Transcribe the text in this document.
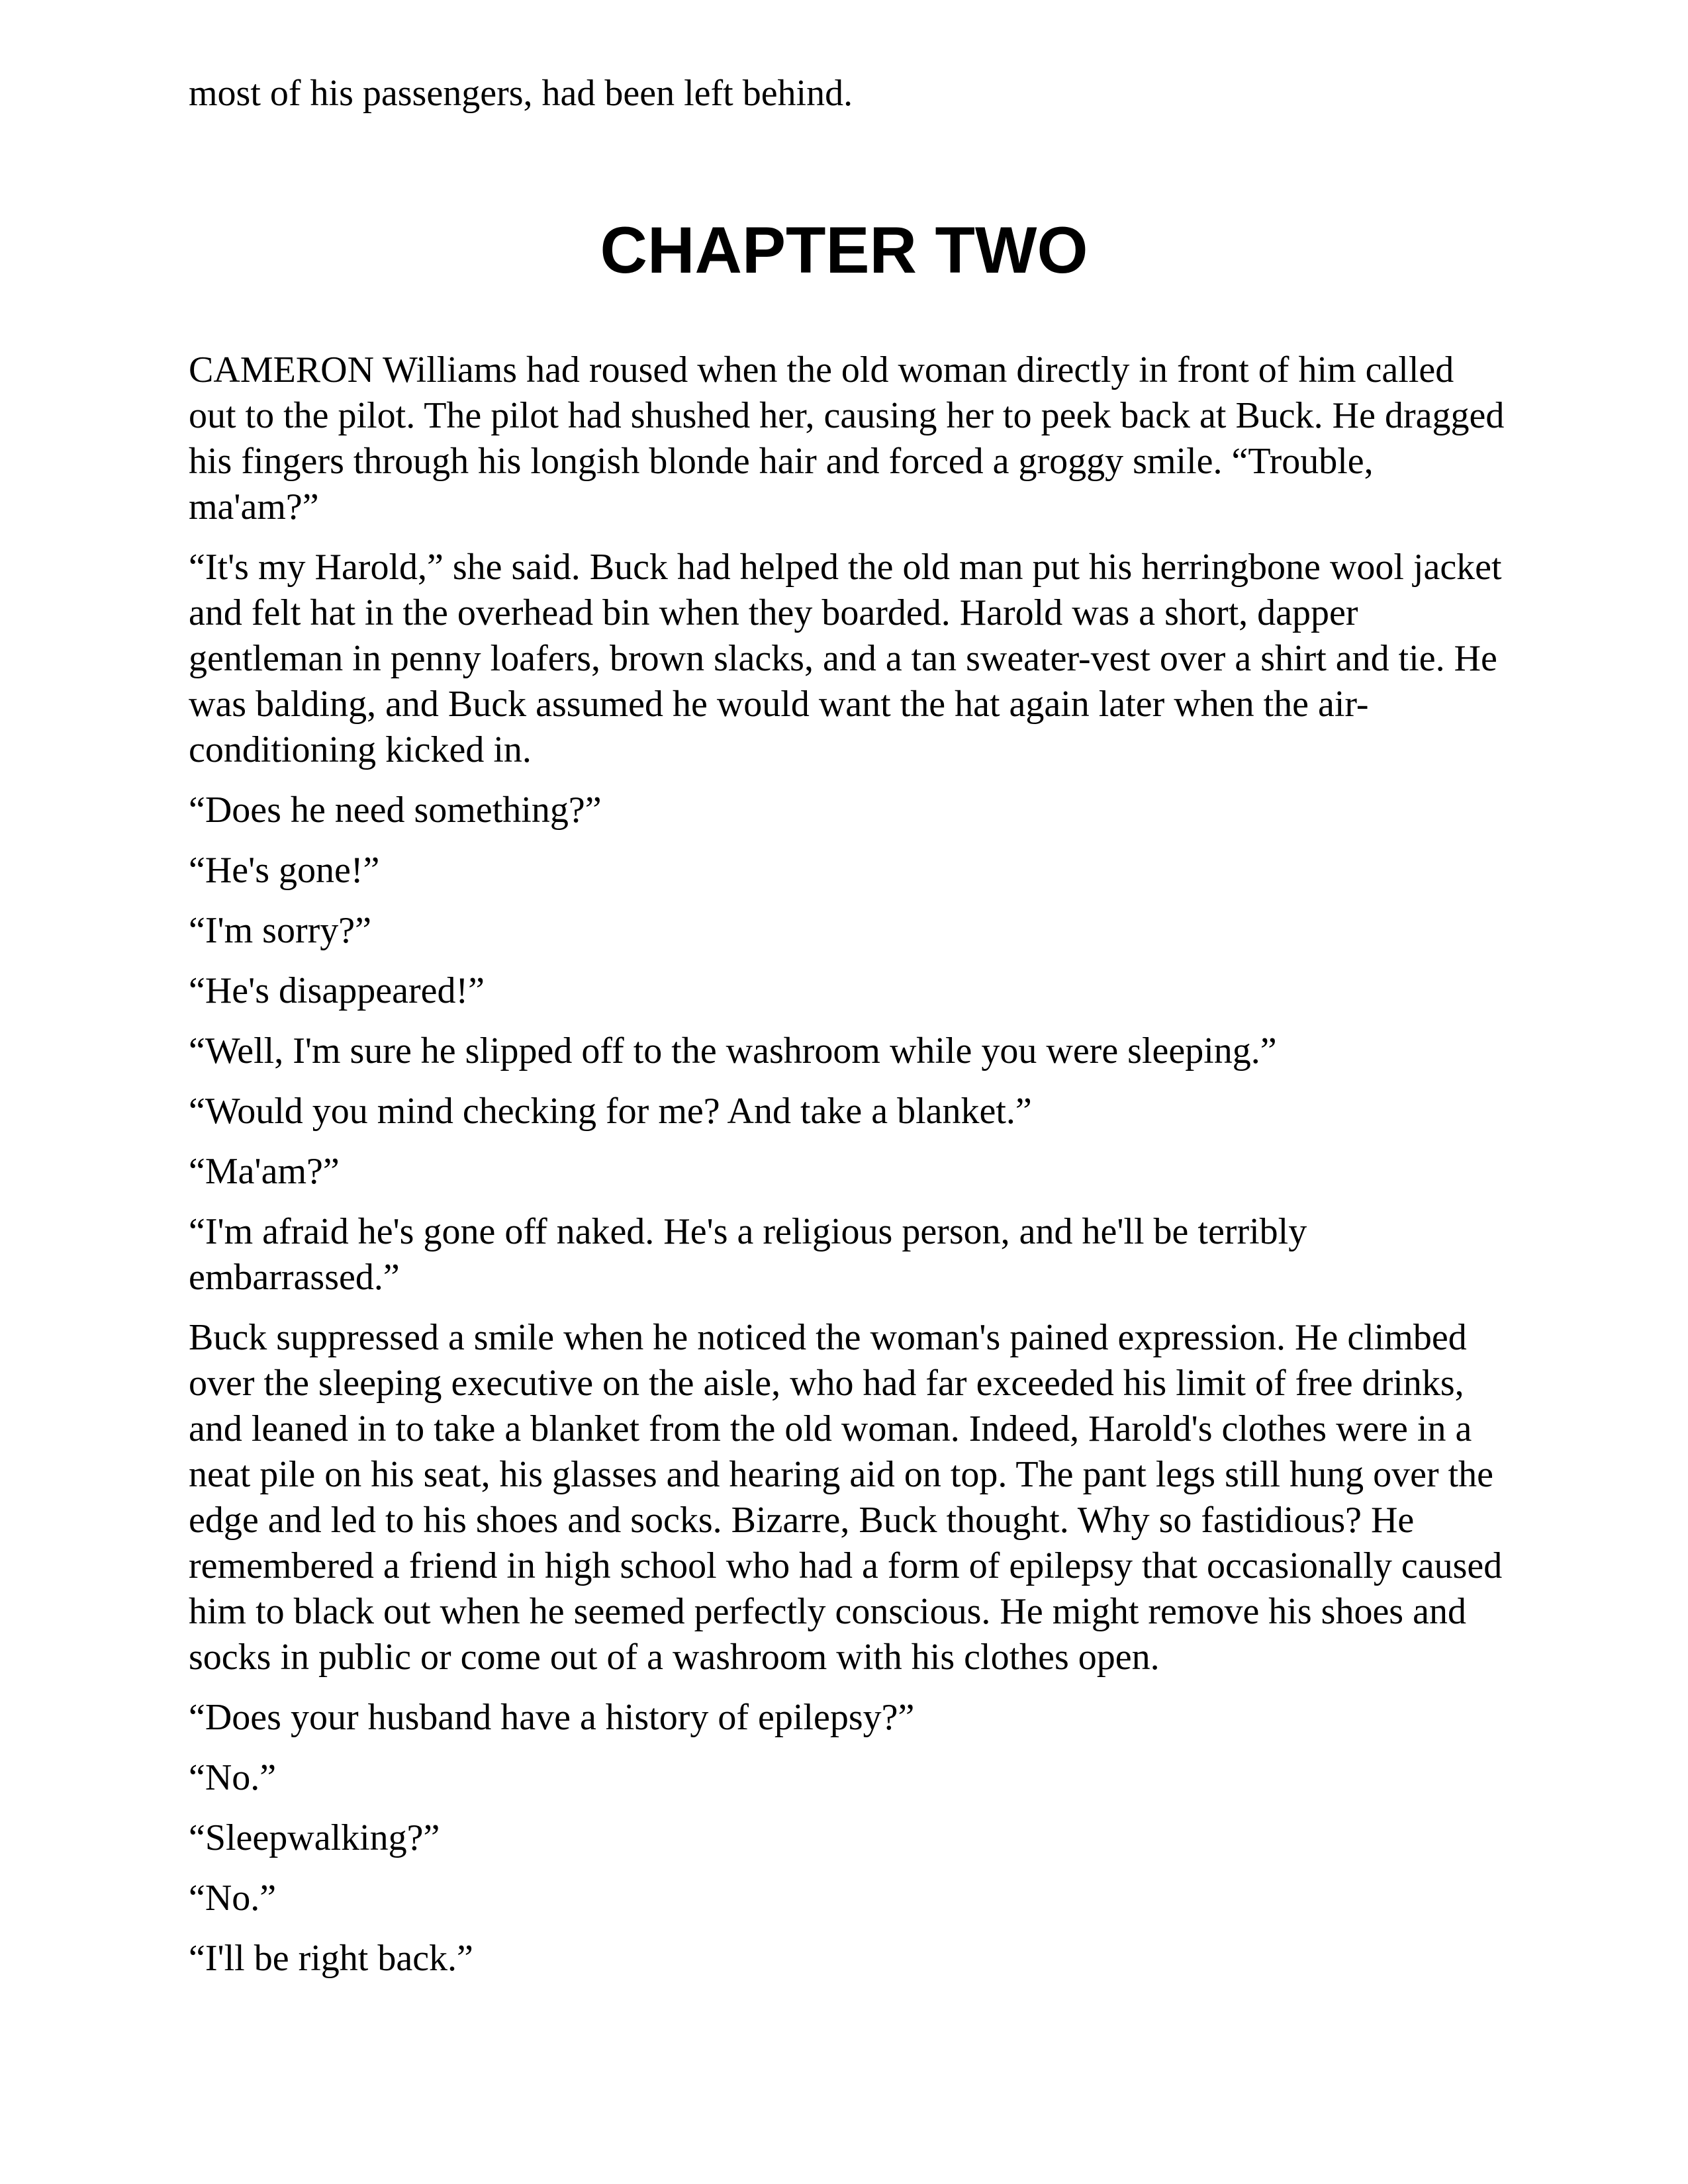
most of his passengers, had been left behind.

CHAPTER TWO

CAMERON Williams had roused when the old woman directly in front of him called out to the pilot. The pilot had shushed her, causing her to peek back at Buck. He dragged his fingers through his longish blonde hair and forced a groggy smile. “Trouble, ma'am?”

“It's my Harold,” she said. Buck had helped the old man put his herringbone wool jacket and felt hat in the overhead bin when they boarded. Harold was a short, dapper gentleman in penny loafers, brown slacks, and a tan sweater-vest over a shirt and tie. He was balding, and Buck assumed he would want the hat again later when the air-conditioning kicked in.

“Does he need something?”

“He's gone!”

“I'm sorry?”

“He's disappeared!”

“Well, I'm sure he slipped off to the washroom while you were sleeping.”

“Would you mind checking for me? And take a blanket.”

“Ma'am?”

“I'm afraid he's gone off naked. He's a religious person, and he'll be terribly embarrassed.”

Buck suppressed a smile when he noticed the woman's pained expression. He climbed over the sleeping executive on the aisle, who had far exceeded his limit of free drinks, and leaned in to take a blanket from the old woman. Indeed, Harold's clothes were in a neat pile on his seat, his glasses and hearing aid on top. The pant legs still hung over the edge and led to his shoes and socks. Bizarre, Buck thought. Why so fastidious? He remembered a friend in high school who had a form of epilepsy that occasionally caused him to black out when he seemed perfectly conscious. He might remove his shoes and socks in public or come out of a washroom with his clothes open.

“Does your husband have a history of epilepsy?”

“No.”

“Sleepwalking?”

“No.”

“I'll be right back.”
